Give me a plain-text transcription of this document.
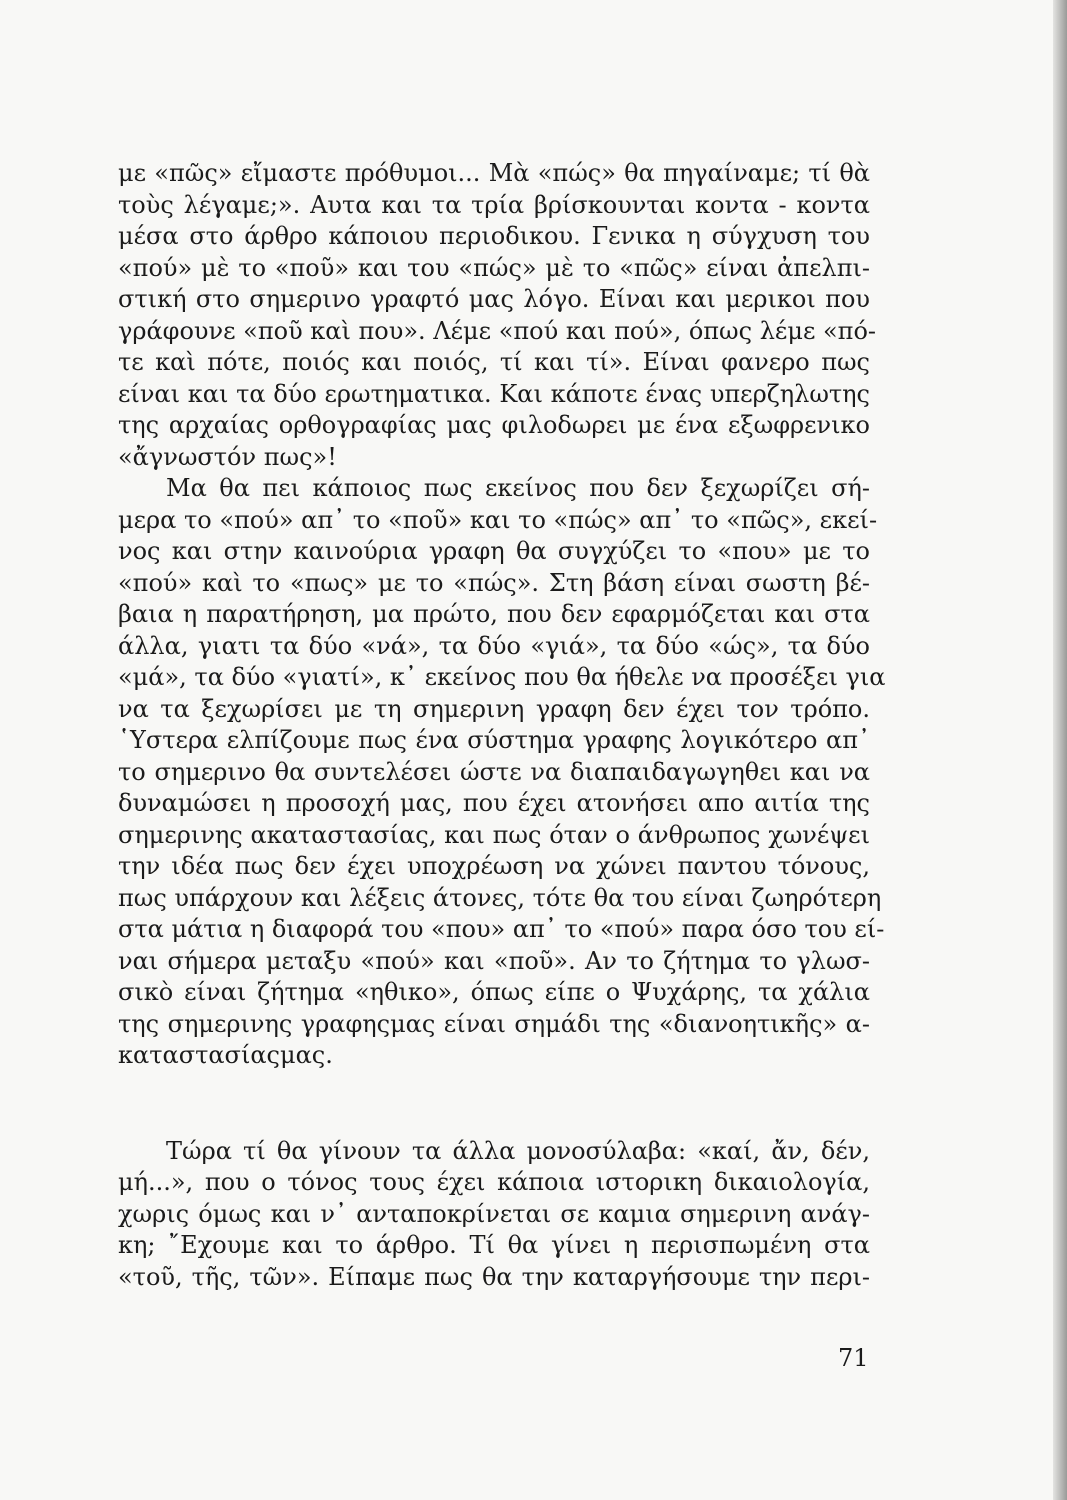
με «πῶς» εἴμαστε πρόθυμοι... Μὰ «πώς» θα πηγαίναμε; τί θὰ
τοὺς λέγαμε;». Αυτα και τα τρία βρίσκουνται κοντα - κοντα
μέσα στο άρθρο κάποιου περιοδικου. Γενικα η σύγχυση του
«πού» μὲ το «ποῦ» και του «πώς» μὲ το «πῶς» είναι ἀπελπι-
στική στο σημερινο γραφτό μας λόγο. Είναι και μερικοι που
γράφουνε «ποῦ καὶ που». Λέμε «πού και πού», όπως λέμε «πό-
τε καὶ πότε, ποιός και ποιός, τί και τί». Είναι φανερο πως
είναι και τα δύο ερωτηματικα. Και κάποτε ένας υπερζηλωτης
της αρχαίας ορθογραφίας μας φιλοδωρει με ένα εξωφρενικο
«ἄγνωστόν πως»!
Μα θα πει κάποιος πως εκείνος που δεν ξεχωρίζει σή-
μερα το «πού» απ᾿ το «ποῦ» και το «πώς» απ᾿ το «πῶς», εκεί-
νος και στην καινούρια γραφη θα συγχύζει το «που» με το
«πού» καὶ το «πως» με το «πώς». Στη βάση είναι σωστη βέ-
βαια η παρατήρηση, μα πρώτο, που δεν εφαρμόζεται και στα
άλλα, γιατι τα δύο «νά», τα δύο «γιά», τα δύο «ώς», τα δύο
«μά», τα δύο «γιατί», κ᾿ εκείνος που θα ήθελε να προσέξει για
να τα ξεχωρίσει με τη σημερινη γραφη δεν έχει τον τρόπο.
῾Υστερα ελπίζουμε πως ένα σύστημα γραφης λογικότερο απ᾿
το σημερινο θα συντελέσει ώστε να διαπαιδαγωγηθει και να
δυναμώσει η προσοχή μας, που έχει ατονήσει απο αιτία της
σημερινης ακαταστασίας, και πως όταν ο άνθρωπος χωνέψει
την ιδέα πως δεν έχει υποχρέωση να χώνει παντου τόνους,
πως υπάρχουν και λέξεις άτονες, τότε θα του είναι ζωηρότερη
στα μάτια η διαφορά του «που» απ᾿ το «πού» παρα όσο του εί-
ναι σήμερα μεταξυ «πού» και «ποῦ». Αν το ζήτημα το γλωσ-
σικὸ είναι ζήτημα «ηθικο», όπως είπε ο Ψυχάρης, τα χάλια
της σημερινης γραφηςμας είναι σημάδι της «διανοητικῆς» α-
καταστασίαςμας.
Τώρα τί θα γίνουν τα άλλα μονοσύλαβα: «καί, ἄν, δέν,
μή...», που ο τόνος τους έχει κάποια ιστορικη δικαιολογία,
χωρις όμως και ν᾿ ανταποκρίνεται σε καμια σημερινη ανάγ-
κη; ῎Εχουμε και το άρθρο. Τί θα γίνει η περισπωμένη στα
«τοῦ, τῆς, τῶν». Είπαμε πως θα την καταργήσουμε την περι-
71
